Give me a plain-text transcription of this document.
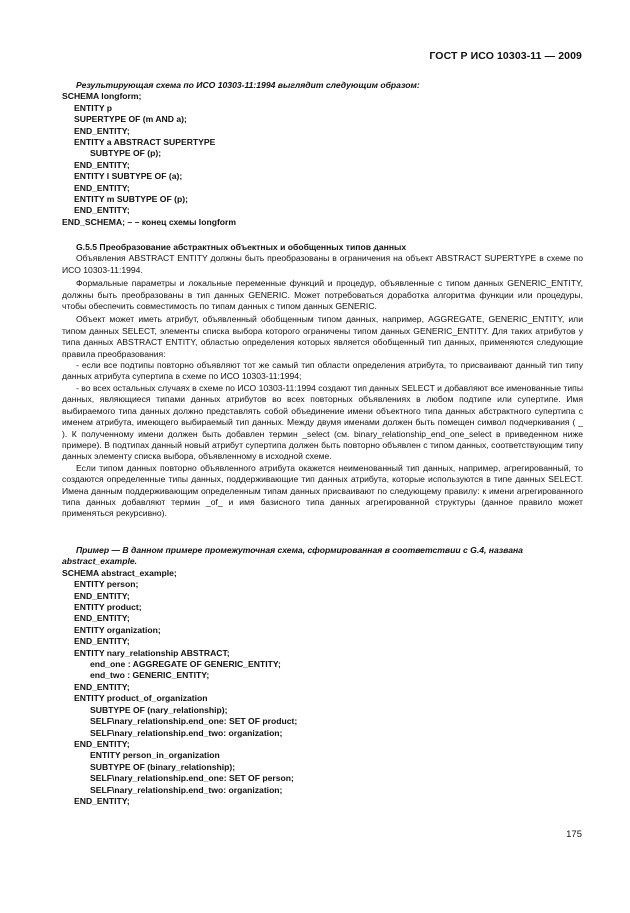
ГОСТ Р ИСО 10303-11 — 2009
Результирующая схема по ИСО 10303-11:1994 выглядит следующим образом:
SCHEMA longform;
ENTITY p
SUPERTYPE OF (m AND a);
END_ENTITY;
ENTITY a ABSTRACT SUPERTYPE
SUBTYPE OF (p);
END_ENTITY;
ENTITY l SUBTYPE OF (a);
END_ENTITY;
ENTITY m SUBTYPE OF (p);
END_ENTITY;
END_SCHEMA; – – конец схемы longform
G.5.5 Преобразование абстрактных объектных и обобщенных типов данных

Объявления ABSTRACT ENTITY должны быть преобразованы в ограничения на объект ABSTRACT SUPERTYPE в схеме по ИСО 10303-11:1994.

Формальные параметры и локальные переменные функций и процедур, объявленные с типом данных GENERIC_ENTITY, должны быть преобразованы в тип данных GENERIC. Может потребоваться доработка алгоритма функции или процедуры, чтобы обеспечить совместимость по типам данных с типом данных GENERIC.

Объект может иметь атрибут, объявленный обобщенным типом данных, например, AGGREGATE, GENERIC_ENTITY, или типом данных SELECT, элементы списка выбора которого ограничены типом данных GENERIC_ENTITY. Для таких атрибутов у типа данных ABSTRACT ENTITY, областью определения которых является обобщенный тип данных, применяются следующие правила преобразования:

- если все подтипы повторно объявляют тот же самый тип области определения атрибута, то присваивают данный тип типу данных атрибута супертипа в схеме по ИСО 10303-11:1994;

- во всех остальных случаях в схеме по ИСО 10303-11:1994 создают тип данных SELECT и добавляют все именованные типы данных, являющиеся типами данных атрибутов во всех повторных объявлениях в любом подтипе или супертипе. Имя выбираемого типа данных должно представлять собой объединение имени объектного типа данных абстрактного супертипа с именем атрибута, имеющего выбираемый тип данных. Между двумя именами должен быть помещен символ подчеркивания ( _ ). К полученному имени должен быть добавлен термин _select (см. binary_relationship_end_one_select в приведенном ниже примере). В подтипах данный новый атрибут супертипа должен быть повторно объявлен с типом данных, соответствующим типу данных элементу списка выбора, объявленному в исходной схеме.

Если типом данных повторно объявленного атрибута окажется неименованный тип данных, например, агрегированный, то создаются определенные типы данных, поддерживающие тип данных атрибута, которые используются в типе данных SELECT. Имена данным поддерживающим определенным типам данных присваивают по следующему правилу: к имени агрегированного типа данных добавляют термин _of_ и имя базисного типа данных агрегированной структуры (данное правило может применяться рекурсивно).

Пример — В данном примере промежуточная схема, сформированная в соответствии с G.4, названа abstract_example.
SCHEMA abstract_example;
ENTITY person;
END_ENTITY;
ENTITY product;
END_ENTITY;
ENTITY organization;
END_ENTITY;
ENTITY nary_relationship ABSTRACT;
end_one : AGGREGATE OF GENERIC_ENTITY;
end_two : GENERIC_ENTITY;
END_ENTITY;
ENTITY product_of_organization
SUBTYPE OF (nary_relationship);
SELF\nary_relationship.end_one: SET OF product;
SELF\nary_relationship.end_two: organization;
END_ENTITY;
ENTITY person_in_organization
SUBTYPE OF (binary_relationship);
SELF\nary_relationship.end_one: SET OF person;
SELF\nary_relationship.end_two: organization;
END_ENTITY;
175
